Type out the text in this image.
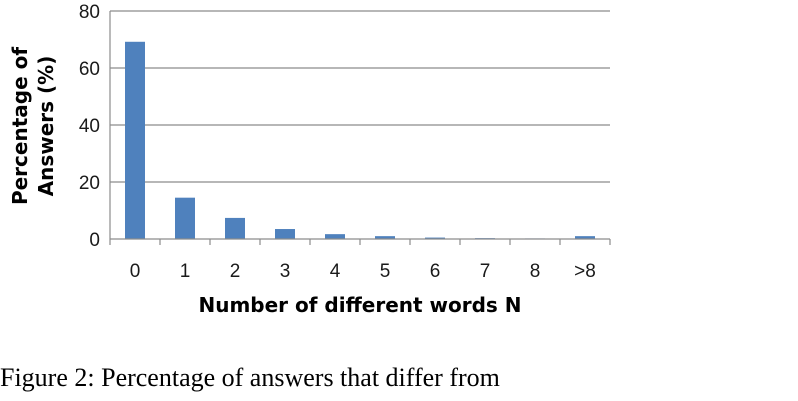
0
20
40
60
80
0 1 2 3 4 5 6 7 8 >8
Number of different words N
Percentage of Answers (%)
Figure 2: Percentage of answers that differ from
